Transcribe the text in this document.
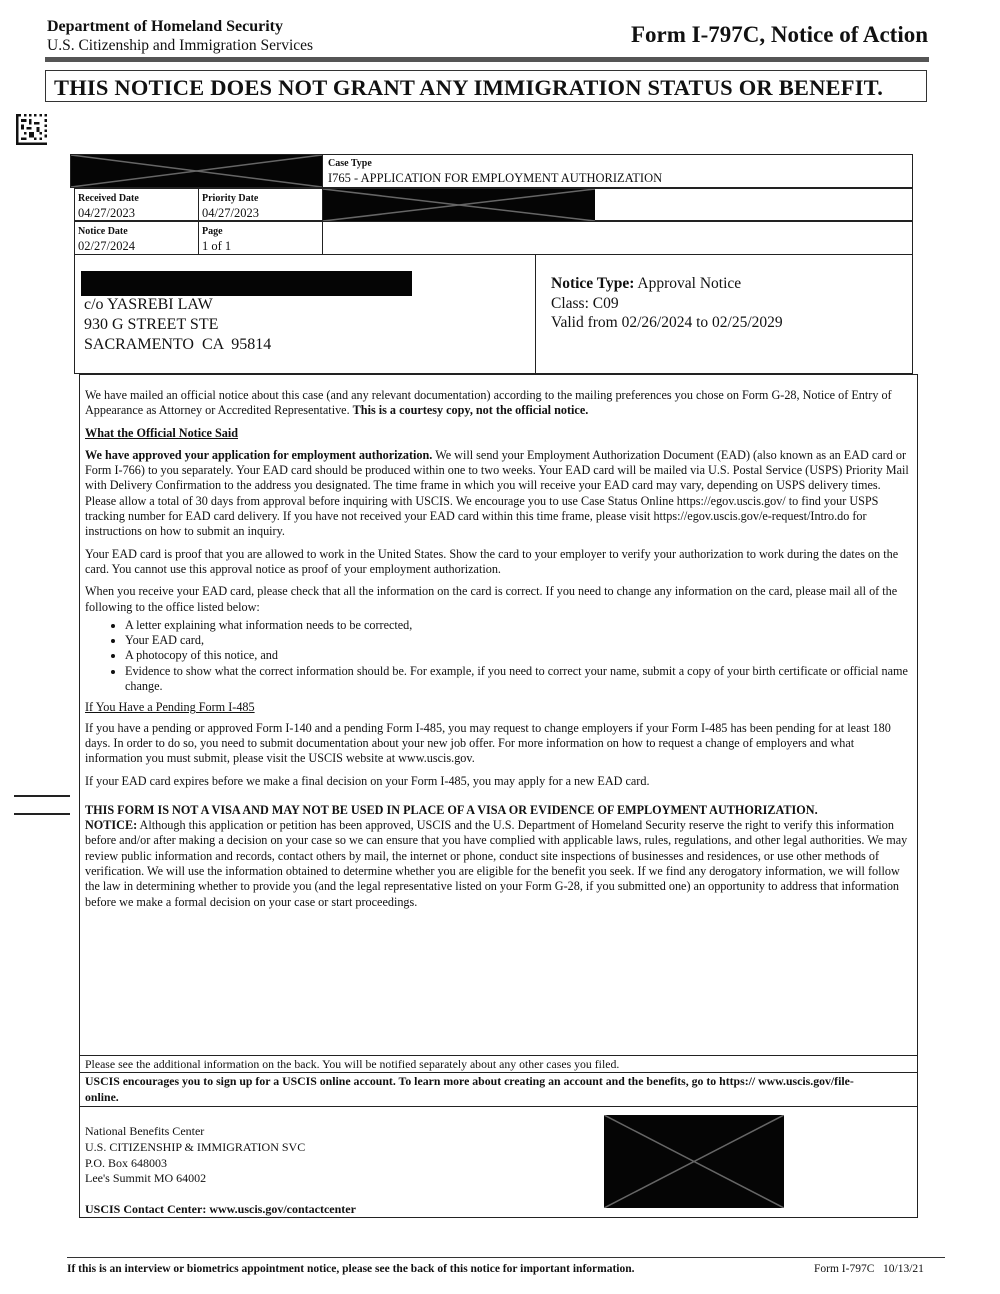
Department of Homeland Security
U.S. Citizenship and Immigration Services	Form I-797C, Notice of Action
THIS NOTICE DOES NOT GRANT ANY IMMIGRATION STATUS OR BENEFIT.
Case Type
I765 - APPLICATION FOR EMPLOYMENT AUTHORIZATION
Received Date
04/27/2023
Priority Date
04/27/2023
Notice Date
02/27/2024
Page
1 of 1
c/o YASREBI LAW
930 G STREET STE
SACRAMENTO  CA  95814
Notice Type: Approval Notice
Class: C09
Valid from 02/26/2024 to 02/25/2029

We have mailed an official notice about this case (and any relevant documentation) according to the mailing preferences you chose on Form G-28, Notice of Entry of Appearance as Attorney or Accredited Representative. This is a courtesy copy, not the official notice.

What the Official Notice Said

We have approved your application for employment authorization. We will send your Employment Authorization Document (EAD) (also known as an EAD card or Form I-766) to you separately. Your EAD card should be produced within one to two weeks. Your EAD card will be mailed via U.S. Postal Service (USPS) Priority Mail with Delivery Confirmation to the address you designated. The time frame in which you will receive your EAD card may vary, depending on USPS delivery times. Please allow a total of 30 days from approval before inquiring with USCIS. We encourage you to use Case Status Online https://egov.uscis.gov/ to find your USPS tracking number for EAD card delivery. If you have not received your EAD card within this time frame, please visit https://egov.uscis.gov/e-request/Intro.do for instructions on how to submit an inquiry.

Your EAD card is proof that you are allowed to work in the United States. Show the card to your employer to verify your authorization to work during the dates on the card. You cannot use this approval notice as proof of your employment authorization.

When you receive your EAD card, please check that all the information on the card is correct. If you need to change any information on the card, please mail all of the following to the office listed below:

• A letter explaining what information needs to be corrected,
• Your EAD card,
• A photocopy of this notice, and
• Evidence to show what the correct information should be. For example, if you need to correct your name, submit a copy of your birth certificate or official name change.
If You Have a Pending Form I-485

If you have a pending or approved Form I-140 and a pending Form I-485, you may request to change employers if your Form I-485 has been pending for at least 180 days. In order to do so, you need to submit documentation about your new job offer. For more information on how to request a change of employers and what information you must submit, please visit the USCIS website at www.uscis.gov.

If your EAD card expires before we make a final decision on your Form I-485, you may apply for a new EAD card.

THIS FORM IS NOT A VISA AND MAY NOT BE USED IN PLACE OF A VISA OR EVIDENCE OF EMPLOYMENT AUTHORIZATION.
NOTICE: Although this application or petition has been approved, USCIS and the U.S. Department of Homeland Security reserve the right to verify this information before and/or after making a decision on your case so we can ensure that you have complied with applicable laws, rules, regulations, and other legal authorities. We may review public information and records, contact others by mail, the internet or phone, conduct site inspections of businesses and residences, or use other methods of verification. We will use the information obtained to determine whether you are eligible for the benefit you seek. If we find any derogatory information, we will follow the law in determining whether to provide you (and the legal representative listed on your Form G-28, if you submitted one) an opportunity to address that information before we make a formal decision on your case or start proceedings.

Please see the additional information on the back. You will be notified separately about any other cases you filed.
USCIS encourages you to sign up for a USCIS online account. To learn more about creating an account and the benefits, go to https:// www.uscis.gov/file-online.
National Benefits Center
U.S. CITIZENSHIP & IMMIGRATION SVC
P.O. Box 648003
Lee's Summit MO 64002
USCIS Contact Center: www.uscis.gov/contactcenter
If this is an interview or biometrics appointment notice, please see the back of this notice for important information.	Form I-797C   10/13/21
